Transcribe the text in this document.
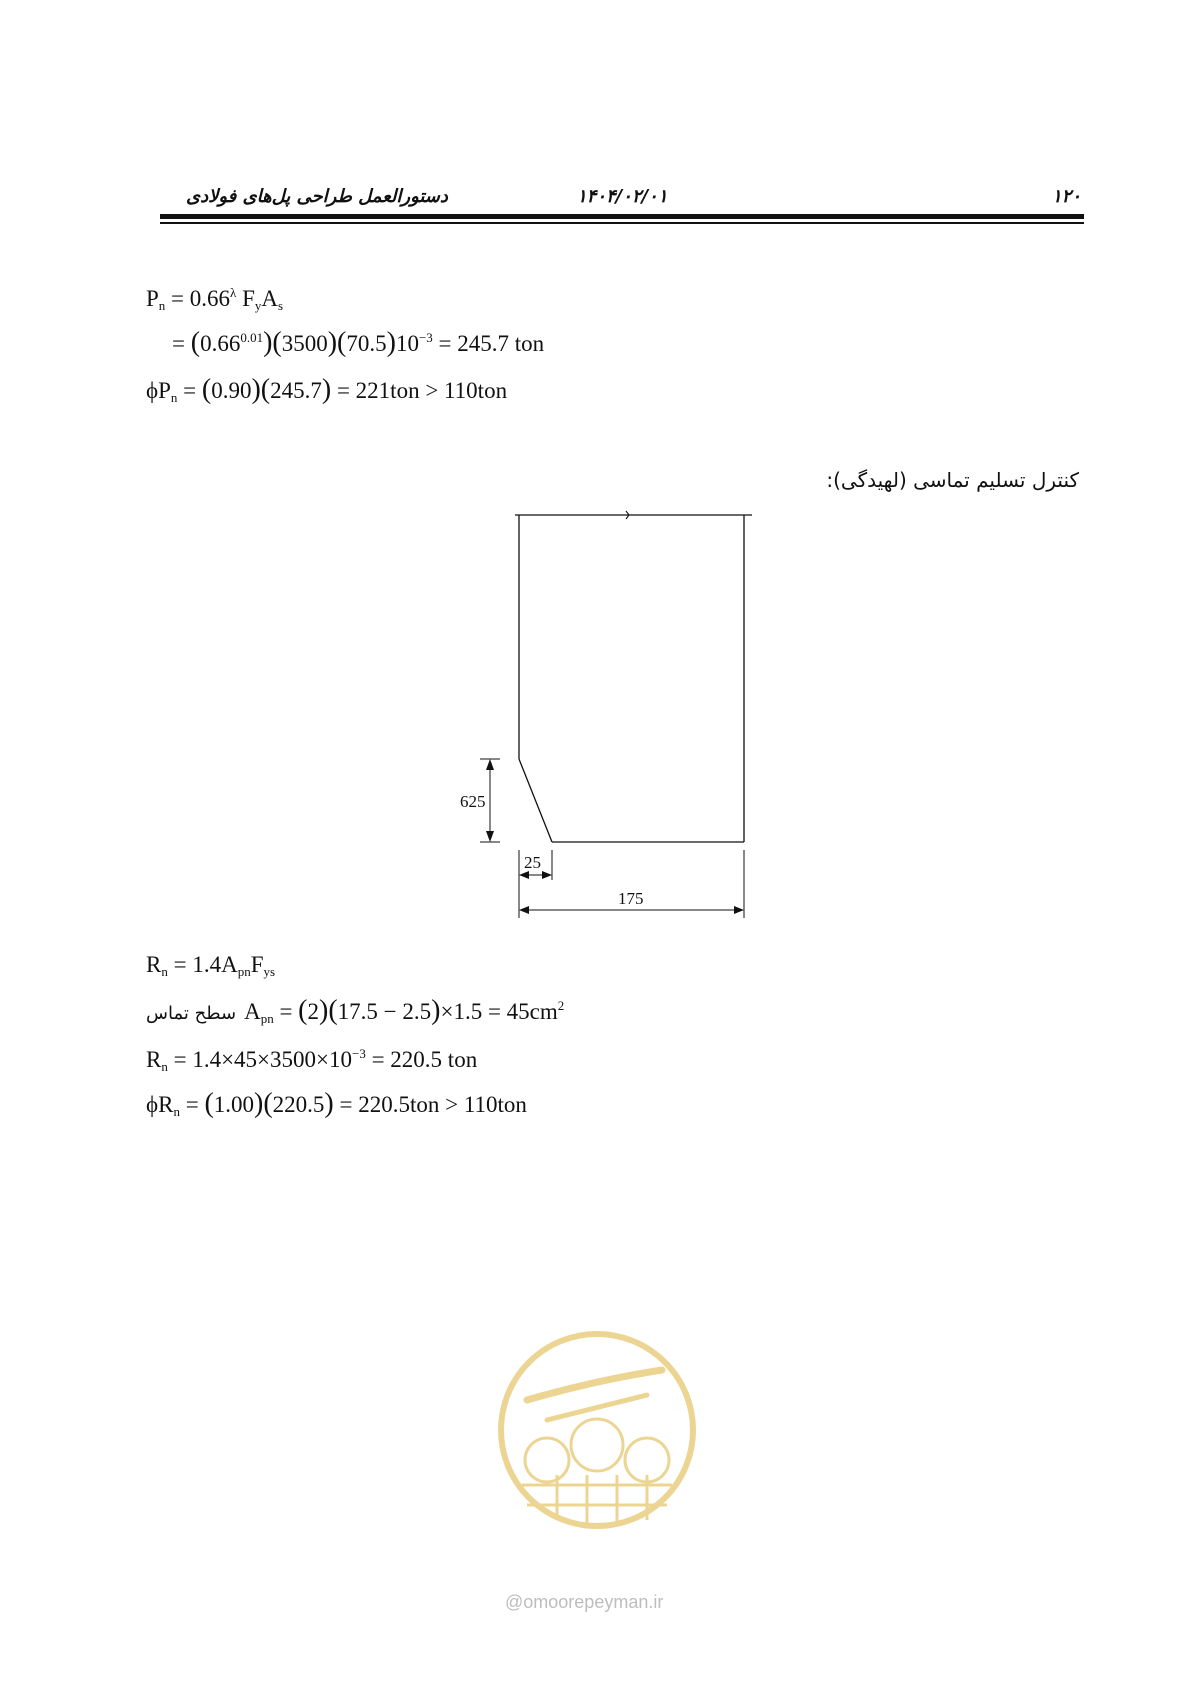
دستورالعمل طراحی پل‌های فولادی	۱۴۰۴/۰۲/۰۱	۱۲۰
$P_n = 0.66^\lambda$ $F_yA_s$
= $(0.66^{0.01})(3500)(70.5)10^{-3} = 245.7$ ton
$\phi P_n = (0.90)(245.7) = 221ton > 110ton$
کنترل تسلیم تماسی (لهیدگی):
625
25
175
$R_n = 1.4A_{pn}F_{ys}$
سطح تماس $A_{pn} = (2)(17.5 - 2.5)\times 1.5 = 45cm^2$
$R_n = 1.4\times 45\times 3500\times 10^{-3} = 220.5$ ton
$\phi R_n = (1.00)(220.5) = 220.5ton > 110ton$
@omoorepeyman.ir
